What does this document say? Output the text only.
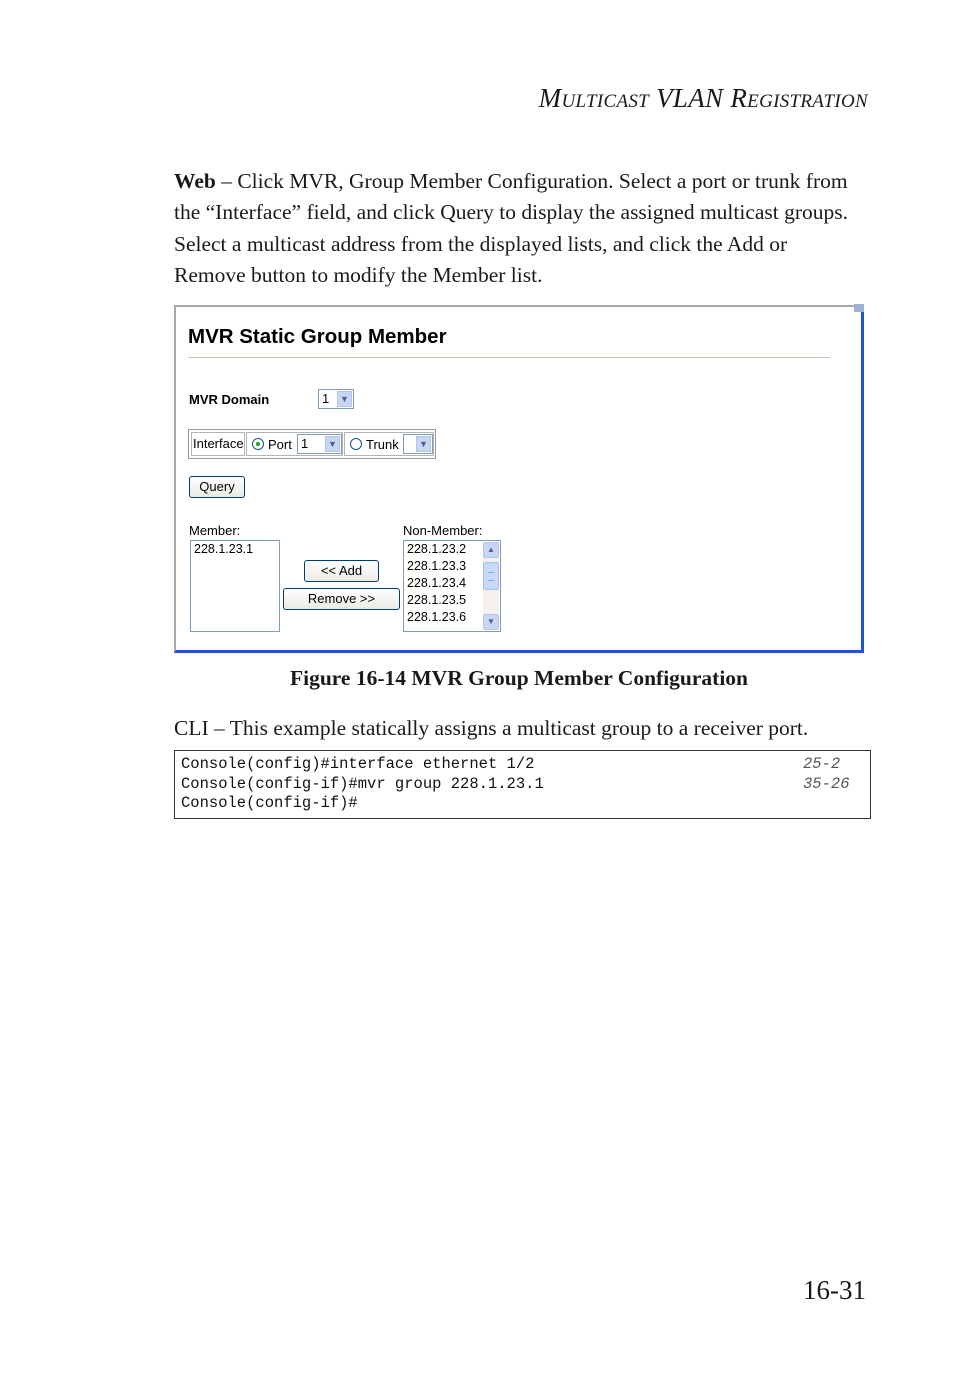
MULTICAST VLAN REGISTRATION
Web – Click MVR, Group Member Configuration. Select a port or trunk from the “Interface” field, and click Query to display the assigned multicast groups. Select a multicast address from the displayed lists, and click the Add or Remove button to modify the Member list.
MVR Static Group Member
MVR Domain	1	▼
Interface Port 1	▼ Trunk	▼
Query
Member:
228.1.23.1
<< Add
Remove >>
Non-Member:
228.1.23.2
228.1.23.3
228.1.23.4
228.1.23.5
228.1.23.6
▲
▼
Figure 16-14 MVR Group Member Configuration
CLI – This example statically assigns a multicast group to a receiver port.
Console(config)#interface ethernet 1/2	25-2
Console(config-if)#mvr group 228.1.23.1	35-26
Console(config-if)#
16-31
